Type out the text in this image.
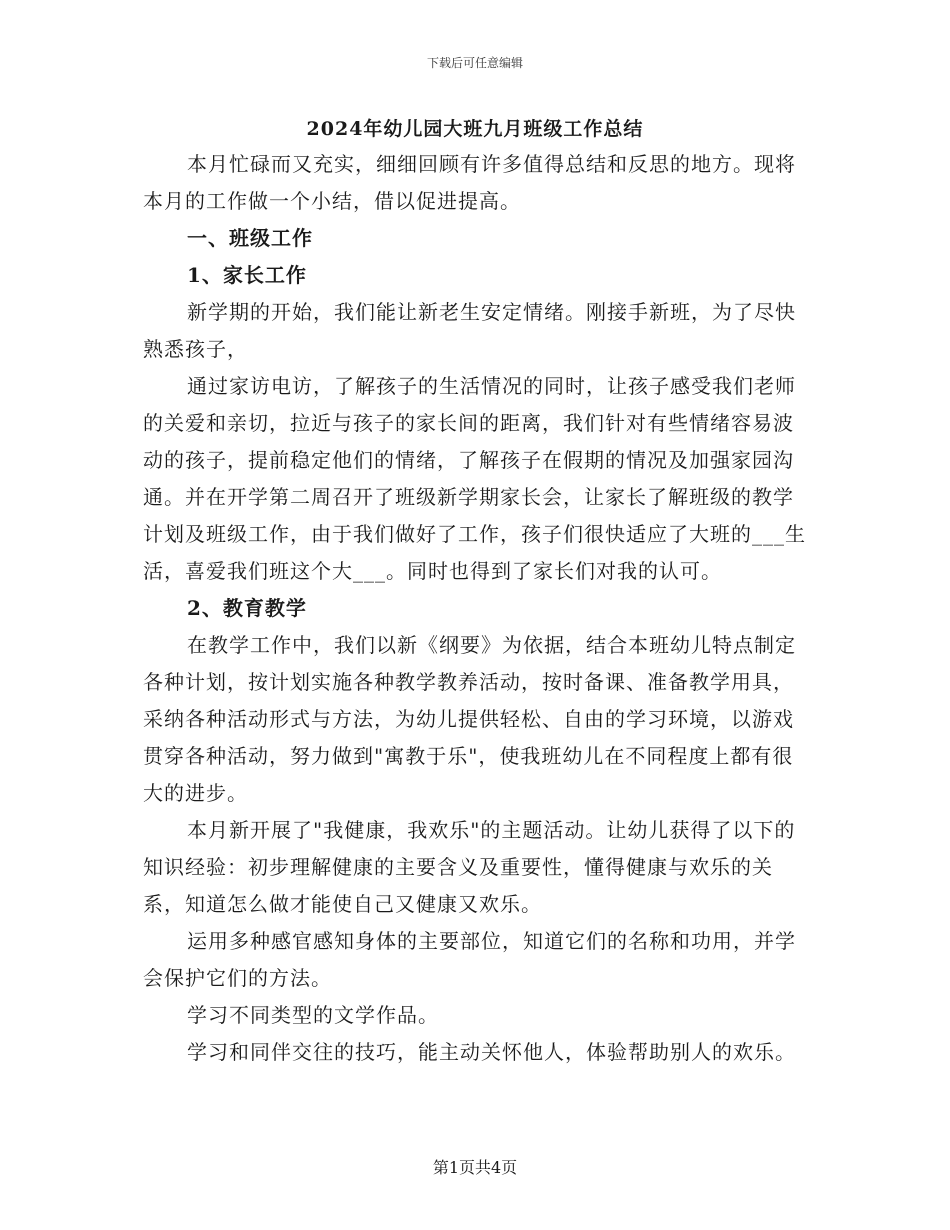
下载后可任意编辑
2024年幼儿园大班九月班级工作总结

本月忙碌而又充实，细细回顾有许多值得总结和反思的地方。现将本月的工作做一个小结，借以促进提高。

一、班级工作

1、家长工作

新学期的开始，我们能让新老生安定情绪。刚接手新班，为了尽快熟悉孩子，

通过家访电访，了解孩子的生活情况的同时，让孩子感受我们老师的关爱和亲切，拉近与孩子的家长间的距离，我们针对有些情绪容易波动的孩子，提前稳定他们的情绪，了解孩子在假期的情况及加强家园沟通。并在开学第二周召开了班级新学期家长会，让家长了解班级的教学计划及班级工作，由于我们做好了工作，孩子们很快适应了大班的___生活，喜爱我们班这个大___。同时也得到了家长们对我的认可。

2、教育教学

在教学工作中，我们以新《纲要》为依据，结合本班幼儿特点制定各种计划，按计划实施各种教学教养活动，按时备课、准备教学用具，采纳各种活动形式与方法，为幼儿提供轻松、自由的学习环境，以游戏贯穿各种活动，努力做到"寓教于乐"，使我班幼儿在不同程度上都有很大的进步。

本月新开展了"我健康，我欢乐"的主题活动。让幼儿获得了以下的知识经验：初步理解健康的主要含义及重要性，懂得健康与欢乐的关系，知道怎么做才能使自己又健康又欢乐。

运用多种感官感知身体的主要部位，知道它们的名称和功用，并学会保护它们的方法。

学习不同类型的文学作品。

学习和同伴交往的技巧，能主动关怀他人，体验帮助别人的欢乐。

第1页共4页
